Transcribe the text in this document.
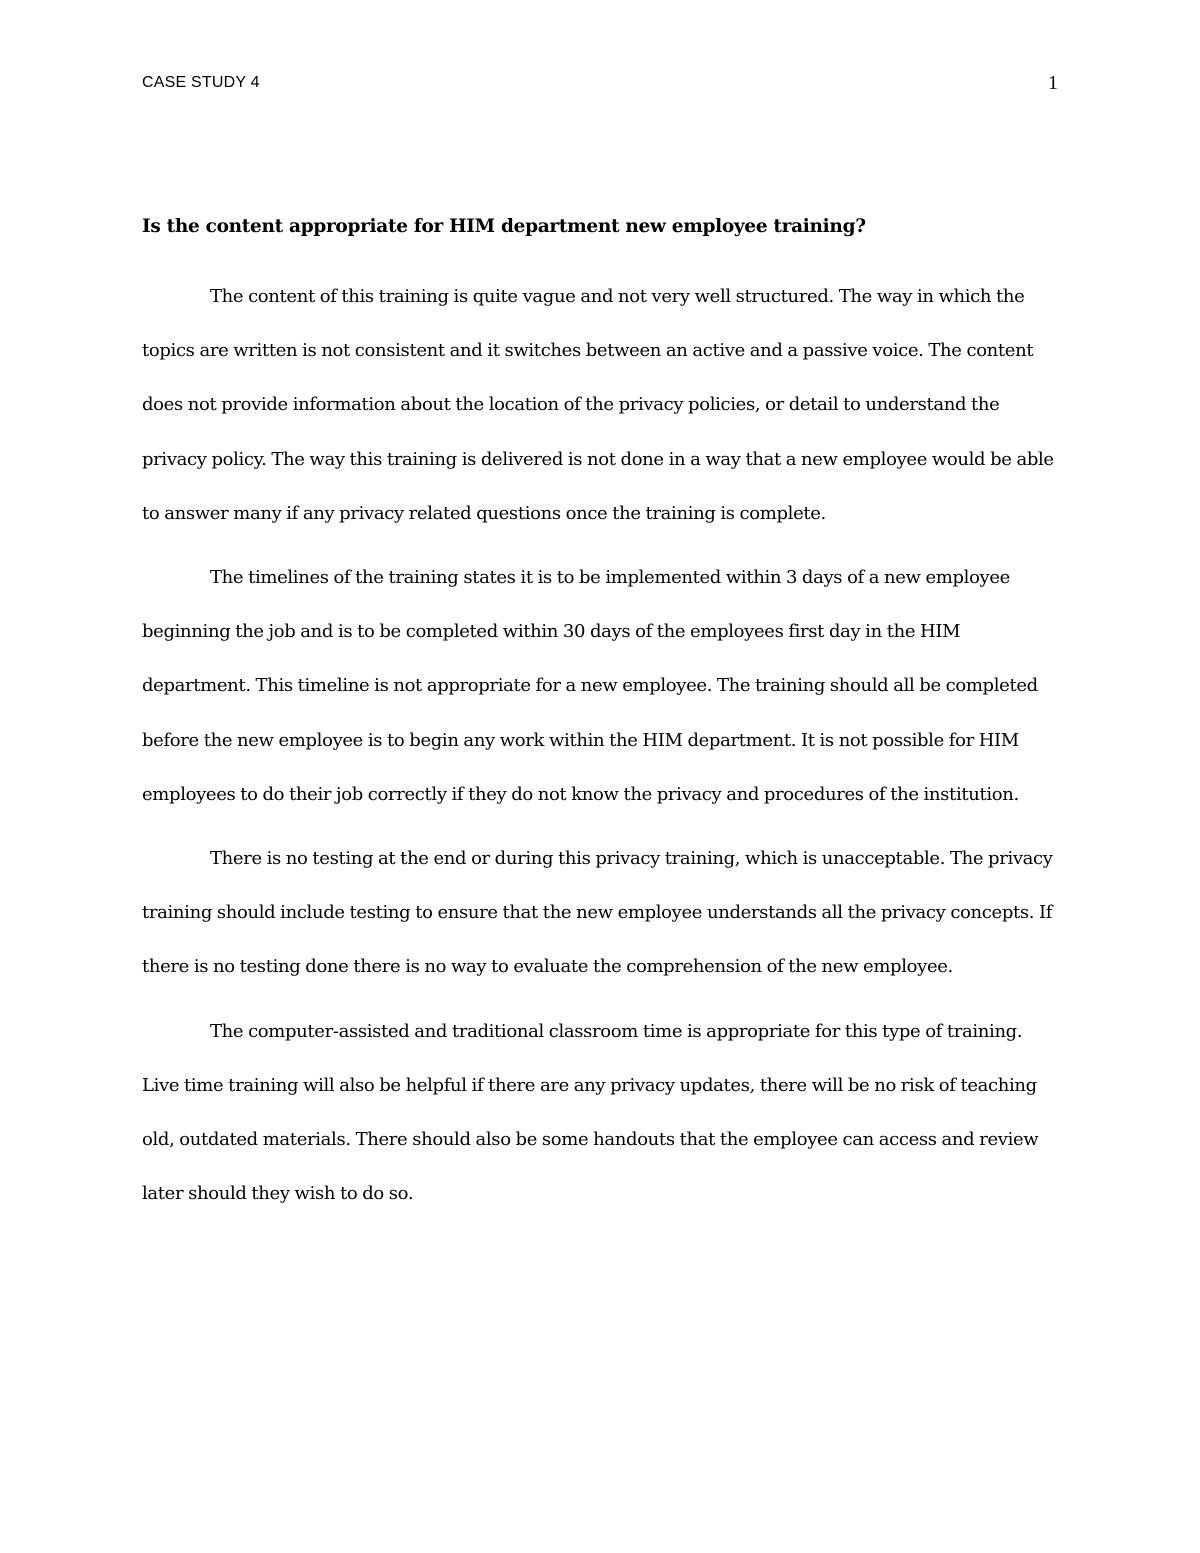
CASE STUDY 4	1

Is the content appropriate for HIM department new employee training?

The content of this training is quite vague and not very well structured. The way in which the topics are written is not consistent and it switches between an active and a passive voice. The content does not provide information about the location of the privacy policies, or detail to understand the privacy policy. The way this training is delivered is not done in a way that a new employee would be able to answer many if any privacy related questions once the training is complete.

The timelines of the training states it is to be implemented within 3 days of a new employee beginning the job and is to be completed within 30 days of the employees first day in the HIM department. This timeline is not appropriate for a new employee. The training should all be completed before the new employee is to begin any work within the HIM department. It is not possible for HIM employees to do their job correctly if they do not know the privacy and procedures of the institution.

There is no testing at the end or during this privacy training, which is unacceptable. The privacy training should include testing to ensure that the new employee understands all the privacy concepts. If there is no testing done there is no way to evaluate the comprehension of the new employee.

The computer-assisted and traditional classroom time is appropriate for this type of training. Live time training will also be helpful if there are any privacy updates, there will be no risk of teaching old, outdated materials. There should also be some handouts that the employee can access and review later should they wish to do so.
